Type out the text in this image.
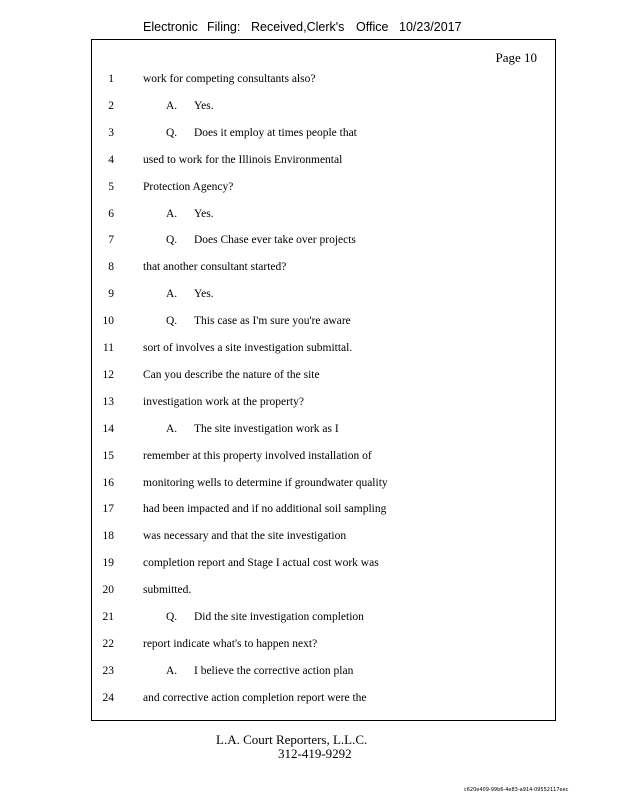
Electronic Filing: Received,Clerk's Office 10/23/2017
Page 10
1	work for competing consultants also?
2	A. Yes.
3	Q. Does it employ at times people that
4	used to work for the Illinois Environmental
5	Protection Agency?
6	A. Yes.
7	Q. Does Chase ever take over projects
8	that another consultant started?
9	A. Yes.
10	Q. This case as I'm sure you're aware
11	sort of involves a site investigation submittal.
12	Can you describe the nature of the site
13	investigation work at the property?
14	A. The site investigation work as I
15	remember at this property involved installation of
16	monitoring wells to determine if groundwater quality
17	had been impacted and if no additional soil sampling
18	was necessary and that the site investigation
19	completion report and Stage I actual cost work was
20	submitted.
21	Q. Did the site investigation completion
22	report indicate what's to happen next?
23	A. I believe the corrective action plan
24	and corrective action completion report were the
L.A. Court Reporters, L.L.C.
312-419-9292
c620e409-99b6-4e83-a914-09552117eec
